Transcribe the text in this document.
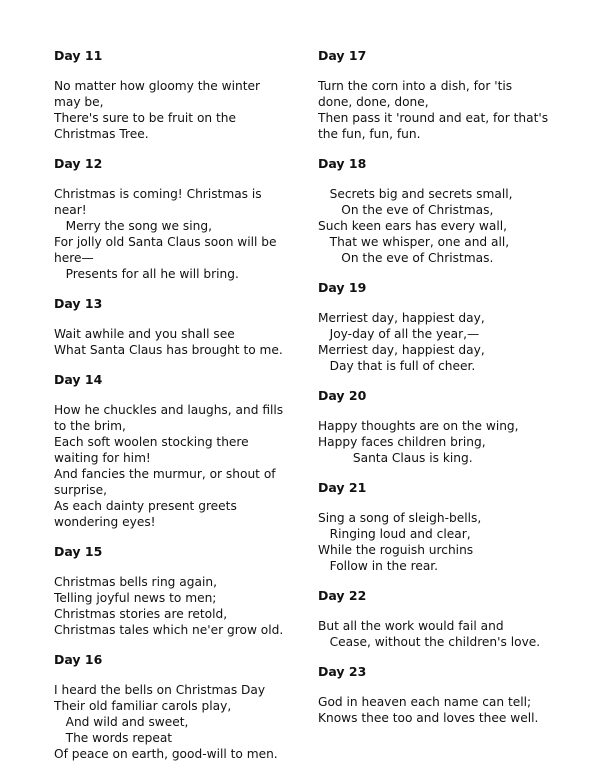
Day 11
No matter how gloomy the winter
may be,
There's sure to be fruit on the
Christmas Tree.
Day 12
Christmas is coming! Christmas is
near!
Merry the song we sing,
For jolly old Santa Claus soon will be
here—
Presents for all he will bring.
Day 13
Wait awhile and you shall see
What Santa Claus has brought to me.
Day 14
How he chuckles and laughs, and fills
to the brim,
Each soft woolen stocking there
waiting for him!
And fancies the murmur, or shout of
surprise,
As each dainty present greets
wondering eyes!
Day 15
Christmas bells ring again,
Telling joyful news to men;
Christmas stories are retold,
Christmas tales which ne'er grow old.
Day 16
I heard the bells on Christmas Day
Their old familiar carols play,
And wild and sweet,
The words repeat
Of peace on earth, good-will to men.
Day 17
Turn the corn into a dish, for 'tis
done, done, done,
Then pass it 'round and eat, for that's
the fun, fun, fun.
Day 18
Secrets big and secrets small,
On the eve of Christmas,
Such keen ears has every wall,
That we whisper, one and all,
On the eve of Christmas.
Day 19
Merriest day, happiest day,
Joy-day of all the year,—
Merriest day, happiest day,
Day that is full of cheer.
Day 20
Happy thoughts are on the wing,
Happy faces children bring,
Santa Claus is king.
Day 21
Sing a song of sleigh-bells,
Ringing loud and clear,
While the roguish urchins
Follow in the rear.
Day 22
But all the work would fail and
Cease, without the children's love.
Day 23
God in heaven each name can tell;
Knows thee too and loves thee well.
